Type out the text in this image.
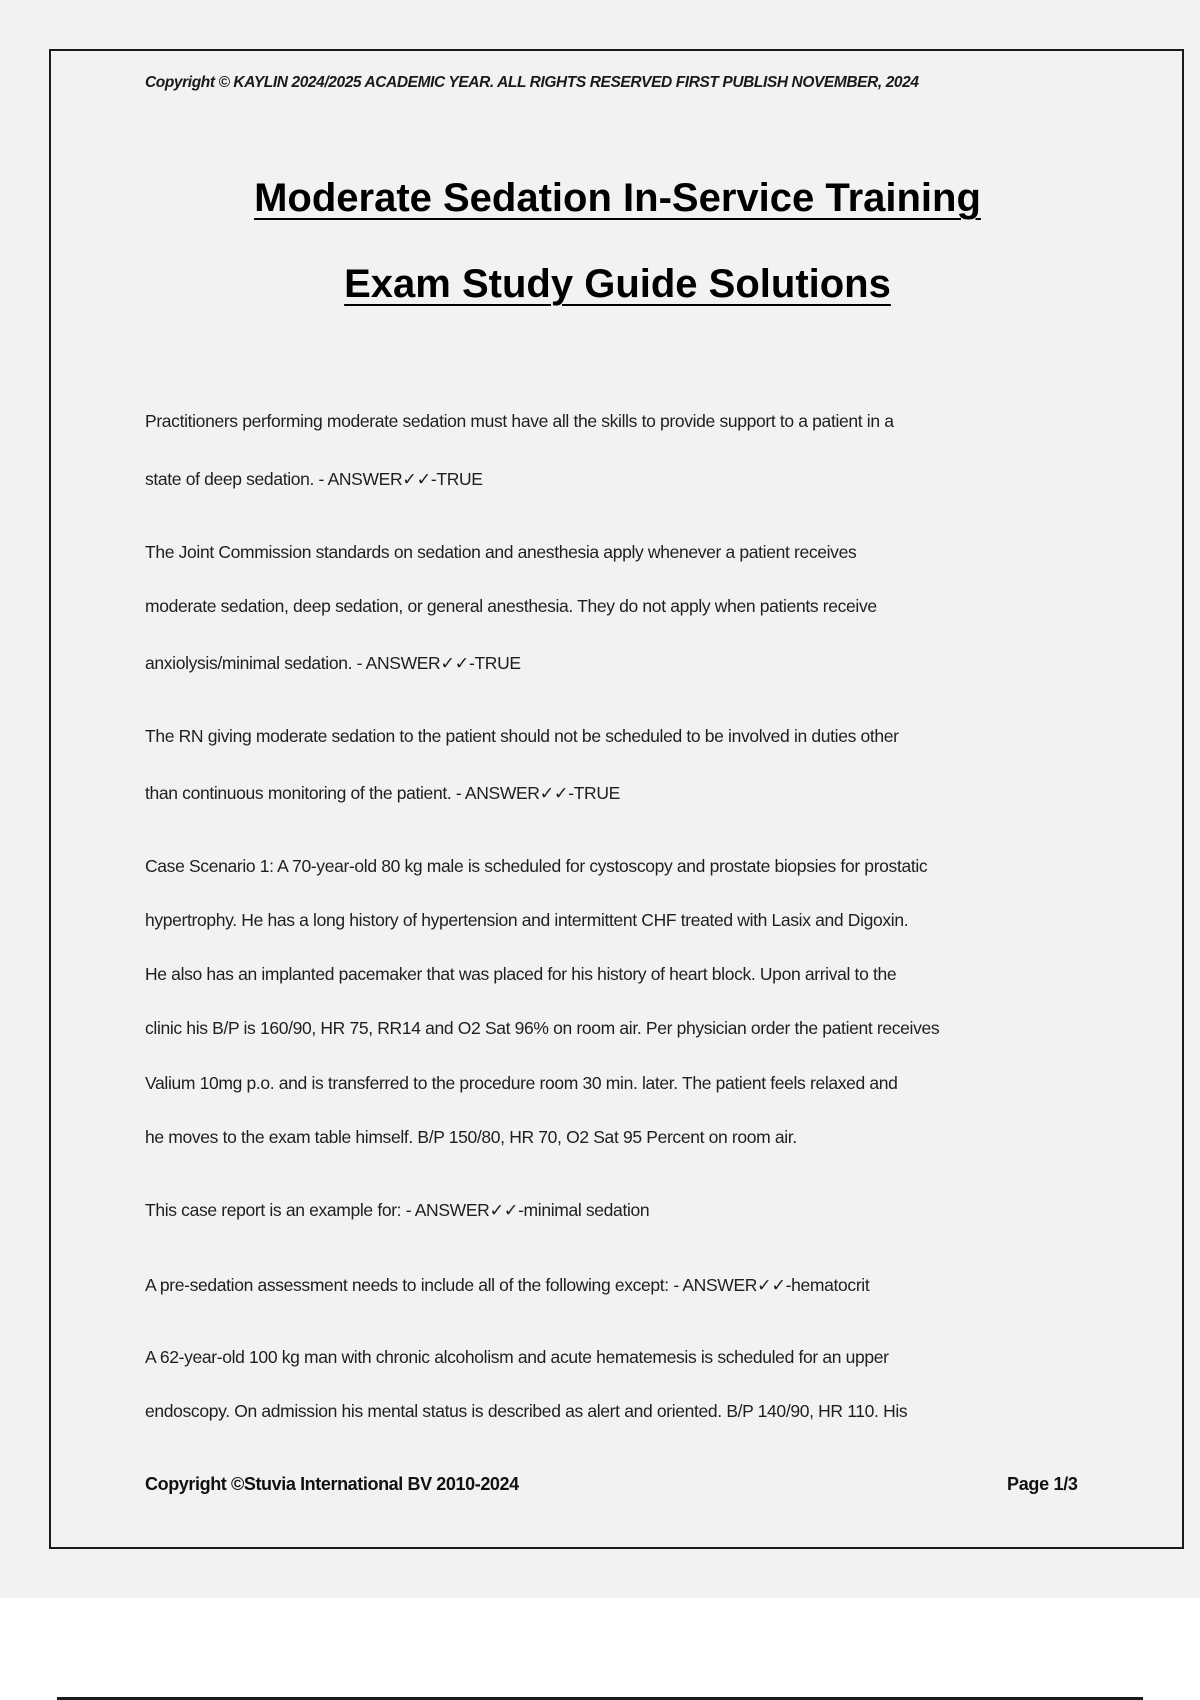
Copyright © KAYLIN 2024/2025 ACADEMIC YEAR. ALL RIGHTS RESERVED FIRST PUBLISH NOVEMBER, 2024
Moderate Sedation In-Service Training
Exam Study Guide Solutions
Practitioners performing moderate sedation must have all the skills to provide support to a patient in a
state of deep sedation. - ANSWER✓✓-TRUE
The Joint Commission standards on sedation and anesthesia apply whenever a patient receives
moderate sedation, deep sedation, or general anesthesia. They do not apply when patients receive
anxiolysis/minimal sedation. - ANSWER✓✓-TRUE
The RN giving moderate sedation to the patient should not be scheduled to be involved in duties other
than continuous monitoring of the patient. - ANSWER✓✓-TRUE
Case Scenario 1: A 70-year-old 80 kg male is scheduled for cystoscopy and prostate biopsies for prostatic
hypertrophy. He has a long history of hypertension and intermittent CHF treated with Lasix and Digoxin.
He also has an implanted pacemaker that was placed for his history of heart block. Upon arrival to the
clinic his B/P is 160/90, HR 75, RR14 and O2 Sat 96% on room air. Per physician order the patient receives
Valium 10mg p.o. and is transferred to the procedure room 30 min. later. The patient feels relaxed and
he moves to the exam table himself. B/P 150/80, HR 70, O2 Sat 95 Percent on room air.
This case report is an example for: - ANSWER✓✓-minimal sedation
A pre-sedation assessment needs to include all of the following except: - ANSWER✓✓-hematocrit
A 62-year-old 100 kg man with chronic alcoholism and acute hematemesis is scheduled for an upper
endoscopy. On admission his mental status is described as alert and oriented. B/P 140/90, HR 110. His
Copyright ©Stuvia International BV 2010-2024	Page 1/3
